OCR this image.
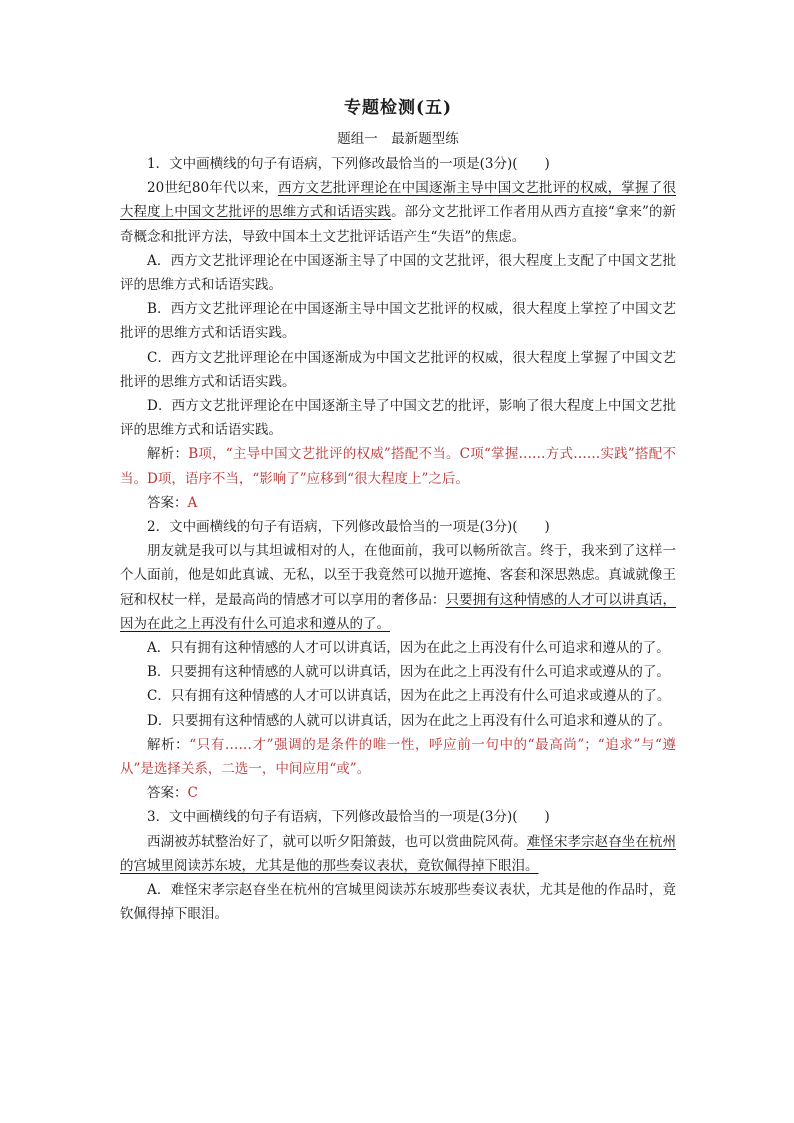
专题检测(五)
题组一　最新题型练

1．文中画横线的句子有语病，下列修改最恰当的一项是(3分)(　　)

20世纪80年代以来，西方文艺批评理论在中国逐渐主导中国文艺批评的权威，掌握了很大程度上中国文艺批评的思维方式和话语实践。部分文艺批评工作者用从西方直接“拿来”的新奇概念和批评方法，导致中国本土文艺批评话语产生“失语”的焦虑。

A．西方文艺批评理论在中国逐渐主导了中国的文艺批评，很大程度上支配了中国文艺批评的思维方式和话语实践。

B．西方文艺批评理论在中国逐渐主导中国文艺批评的权威，很大程度上掌控了中国文艺批评的思维方式和话语实践。

C．西方文艺批评理论在中国逐渐成为中国文艺批评的权威，很大程度上掌握了中国文艺批评的思维方式和话语实践。

D．西方文艺批评理论在中国逐渐主导了中国文艺的批评，影响了很大程度上中国文艺批评的思维方式和话语实践。

解析：B项，“主导中国文艺批评的权威”搭配不当。C项“掌握……方式……实践”搭配不当。D项，语序不当，“影响了”应移到“很大程度上”之后。

答案：A

2．文中画横线的句子有语病，下列修改最恰当的一项是(3分)(　　)

朋友就是我可以与其坦诚相对的人，在他面前，我可以畅所欲言。终于，我来到了这样一个人面前，他是如此真诚、无私，以至于我竟然可以抛开遮掩、客套和深思熟虑。真诚就像王冠和权杖一样，是最高尚的情感才可以享用的奢侈品：只要拥有这种情感的人才可以讲真话，因为在此之上再没有什么可追求和遵从的了。

A．只有拥有这种情感的人才可以讲真话，因为在此之上再没有什么可追求和遵从的了。

B．只要拥有这种情感的人就可以讲真话，因为在此之上再没有什么可追求或遵从的了。

C．只有拥有这种情感的人才可以讲真话，因为在此之上再没有什么可追求或遵从的了。

D．只要拥有这种情感的人就可以讲真话，因为在此之上再没有什么可追求和遵从的了。

解析：“只有……才”强调的是条件的唯一性，呼应前一句中的“最高尚”；“追求”与“遵从”是选择关系，二选一，中间应用“或”。

答案：C

3．文中画横线的句子有语病，下列修改最恰当的一项是(3分)(　　)

西湖被苏轼整治好了，就可以听夕阳箫鼓，也可以赏曲院风荷。难怪宋孝宗赵昚坐在杭州的宫城里阅读苏东坡，尤其是他的那些奏议表状，竟钦佩得掉下眼泪。

A．难怪宋孝宗赵昚坐在杭州的宫城里阅读苏东坡那些奏议表状，尤其是他的作品时，竟钦佩得掉下眼泪。
